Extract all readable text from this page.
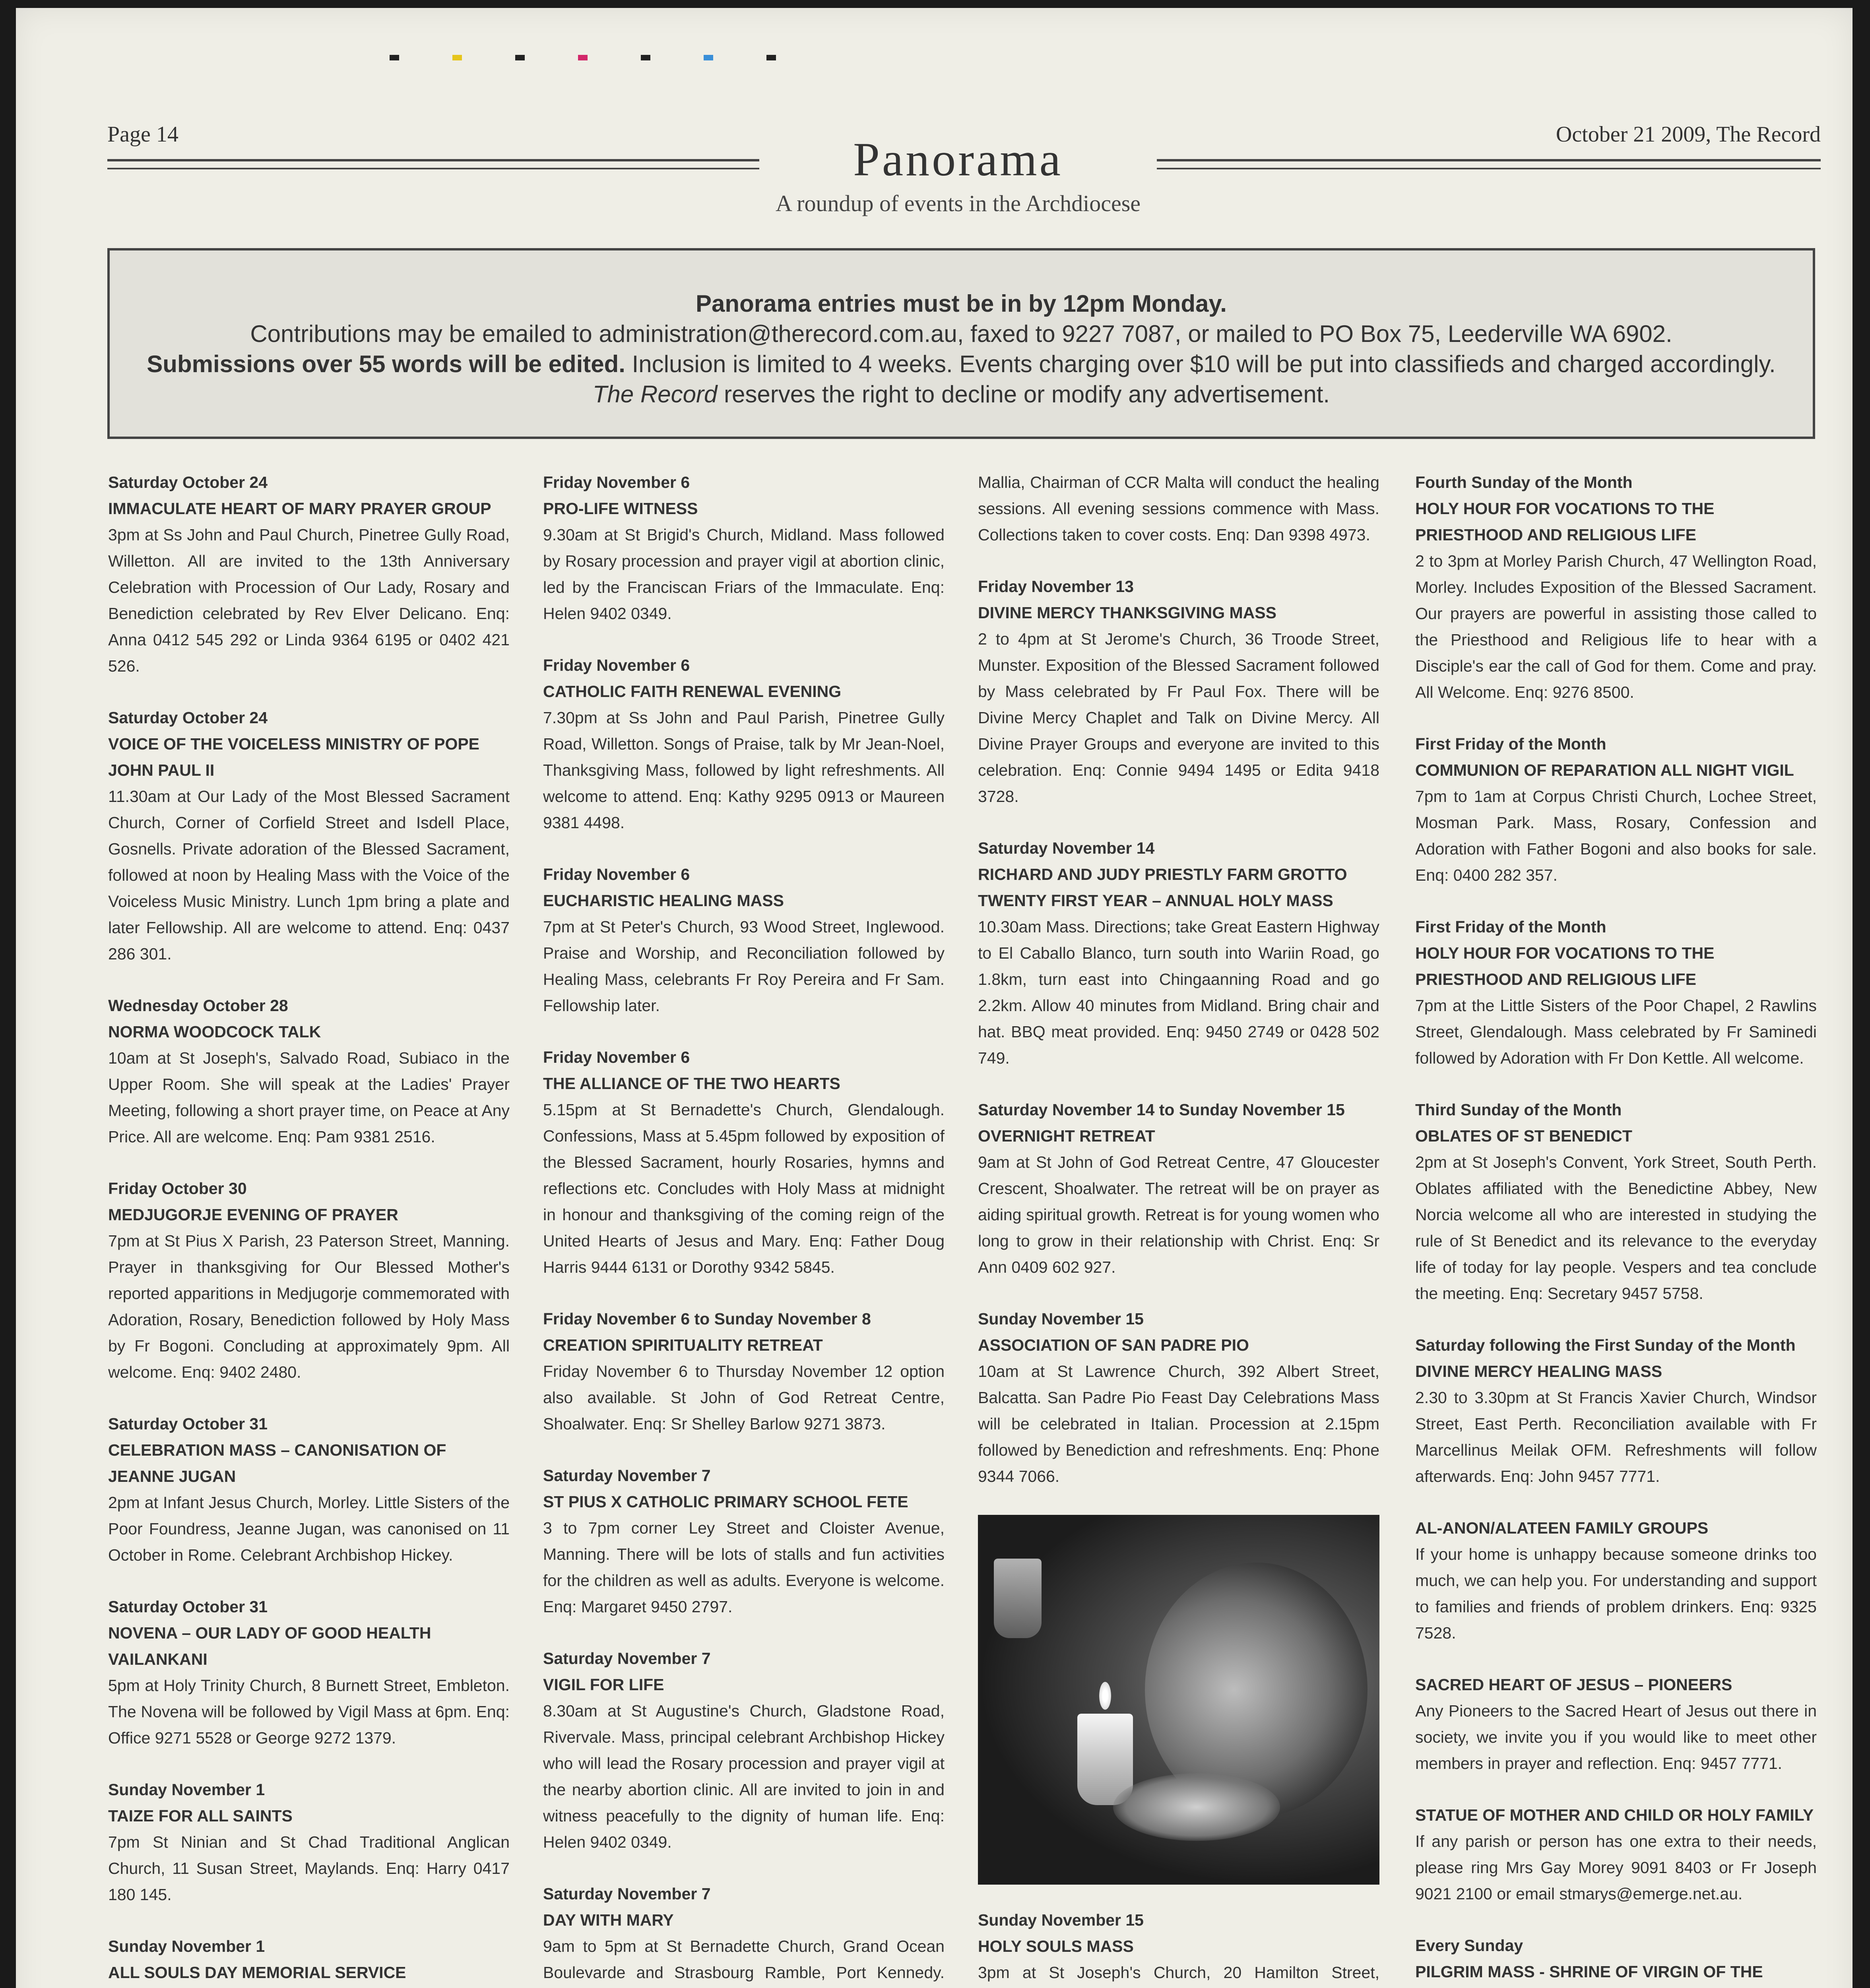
Page 14	October 21 2009, The Record
Panorama
A roundup of events in the Archdiocese

Panorama entries must be in by 12pm Monday.

Contributions may be emailed to administration@therecord.com.au, faxed to 9227 7087, or mailed to PO Box 75, Leederville WA 6902.

Submissions over 55 words will be edited. Inclusion is limited to 4 weeks. Events charging over $10 will be put into classifieds and charged accordingly.

The Record reserves the right to decline or modify any advertisement.

Saturday October 24
IMMACULATE HEART OF MARY PRAYER GROUP
3pm at Ss John and Paul Church, Pinetree Gully Road, Willetton. All are invited to the 13th Anniversary Celebration with Procession of Our Lady, Rosary and Benediction celebrated by Rev Elver Delicano. Enq: Anna 0412 545 292 or Linda 9364 6195 or 0402 421 526.
Saturday October 24
VOICE OF THE VOICELESS MINISTRY OF POPE JOHN PAUL II
11.30am at Our Lady of the Most Blessed Sacrament Church, Corner of Corfield Street and Isdell Place, Gosnells. Private adoration of the Blessed Sacrament, followed at noon by Healing Mass with the Voice of the Voiceless Music Ministry. Lunch 1pm bring a plate and later Fellowship. All are welcome to attend. Enq: 0437 286 301.
Wednesday October 28
NORMA WOODCOCK TALK
10am at St Joseph's, Salvado Road, Subiaco in the Upper Room. She will speak at the Ladies' Prayer Meeting, following a short prayer time, on Peace at Any Price. All are welcome. Enq: Pam 9381 2516.
Friday October 30
MEDJUGORJE EVENING OF PRAYER
7pm at St Pius X Parish, 23 Paterson Street, Manning. Prayer in thanksgiving for Our Blessed Mother's reported apparitions in Medjugorje commemorated with Adoration, Rosary, Benediction followed by Holy Mass by Fr Bogoni. Concluding at approximately 9pm. All welcome. Enq: 9402 2480.
Saturday October 31
CELEBRATION MASS – CANONISATION OF JEANNE JUGAN
2pm at Infant Jesus Church, Morley. Little Sisters of the Poor Foundress, Jeanne Jugan, was canonised on 11 October in Rome. Celebrant Archbishop Hickey.
Saturday October 31
NOVENA – OUR LADY OF GOOD HEALTH VAILANKANI
5pm at Holy Trinity Church, 8 Burnett Street, Embleton. The Novena will be followed by Vigil Mass at 6pm. Enq: Office 9271 5528 or George 9272 1379.
Sunday November 1
TAIZE FOR ALL SAINTS
7pm St Ninian and St Chad Traditional Anglican Church, 11 Susan Street, Maylands. Enq: Harry 0417 180 145.
Sunday November 1
ALL SOULS DAY MEMORIAL SERVICE
Friday November 6
PRO-LIFE WITNESS
9.30am at St Brigid's Church, Midland. Mass followed by Rosary procession and prayer vigil at abortion clinic, led by the Franciscan Friars of the Immaculate. Enq: Helen 9402 0349.
Friday November 6
CATHOLIC FAITH RENEWAL EVENING
7.30pm at Ss John and Paul Parish, Pinetree Gully Road, Willetton. Songs of Praise, talk by Mr Jean-Noel, Thanksgiving Mass, followed by light refreshments. All welcome to attend. Enq: Kathy 9295 0913 or Maureen 9381 4498.
Friday November 6
EUCHARISTIC HEALING MASS
7pm at St Peter's Church, 93 Wood Street, Inglewood. Praise and Worship, and Reconciliation followed by Healing Mass, celebrants Fr Roy Pereira and Fr Sam. Fellowship later.
Friday November 6
THE ALLIANCE OF THE TWO HEARTS
5.15pm at St Bernadette's Church, Glendalough. Confessions, Mass at 5.45pm followed by exposition of the Blessed Sacrament, hourly Rosaries, hymns and reflections etc. Concludes with Holy Mass at midnight in honour and thanksgiving of the coming reign of the United Hearts of Jesus and Mary. Enq: Father Doug Harris 9444 6131 or Dorothy 9342 5845.
Friday November 6 to Sunday November 8
CREATION SPIRITUALITY RETREAT
Friday November 6 to Thursday November 12 option also available. St John of God Retreat Centre, Shoalwater. Enq: Sr Shelley Barlow 9271 3873.
Saturday November 7
ST PIUS X CATHOLIC PRIMARY SCHOOL FETE
3 to 7pm corner Ley Street and Cloister Avenue, Manning. There will be lots of stalls and fun activities for the children as well as adults. Everyone is welcome. Enq: Margaret 9450 2797.
Saturday November 7
VIGIL FOR LIFE
8.30am at St Augustine's Church, Gladstone Road, Rivervale. Mass, principal celebrant Archbishop Hickey who will lead the Rosary procession and prayer vigil at the nearby abortion clinic. All are invited to join in and witness peacefully to the dignity of human life. Enq: Helen 9402 0349.
Saturday November 7
DAY WITH MARY
9am to 5pm at St Bernadette Church, Grand Ocean Boulevarde and Strasbourg Ramble, Port Kennedy.
Mallia, Chairman of CCR Malta will conduct the healing sessions. All evening sessions commence with Mass. Collections taken to cover costs. Enq: Dan 9398 4973.
Friday November 13
DIVINE MERCY THANKSGIVING MASS
2 to 4pm at St Jerome's Church, 36 Troode Street, Munster. Exposition of the Blessed Sacrament followed by Mass celebrated by Fr Paul Fox. There will be Divine Mercy Chaplet and Talk on Divine Mercy. All Divine Prayer Groups and everyone are invited to this celebration. Enq: Connie 9494 1495 or Edita 9418 3728.
Saturday November 14
RICHARD AND JUDY PRIESTLY FARM GROTTO TWENTY FIRST YEAR – ANNUAL HOLY MASS
10.30am Mass. Directions; take Great Eastern Highway to El Caballo Blanco, turn south into Wariin Road, go 1.8km, turn east into Chingaanning Road and go 2.2km. Allow 40 minutes from Midland. Bring chair and hat. BBQ meat provided. Enq: 9450 2749 or 0428 502 749.
Saturday November 14 to Sunday November 15
OVERNIGHT RETREAT
9am at St John of God Retreat Centre, 47 Gloucester Crescent, Shoalwater. The retreat will be on prayer as aiding spiritual growth. Retreat is for young women who long to grow in their relationship with Christ. Enq: Sr Ann 0409 602 927.
Sunday November 15
ASSOCIATION OF SAN PADRE PIO
10am at St Lawrence Church, 392 Albert Street, Balcatta. San Padre Pio Feast Day Celebrations Mass will be celebrated in Italian. Procession at 2.15pm followed by Benediction and refreshments. Enq: Phone 9344 7066.
Sunday November 15
HOLY SOULS MASS
3pm at St Joseph's Church, 20 Hamilton Street,
Fourth Sunday of the Month
HOLY HOUR FOR VOCATIONS TO THE PRIESTHOOD AND RELIGIOUS LIFE
2 to 3pm at Morley Parish Church, 47 Wellington Road, Morley. Includes Exposition of the Blessed Sacrament. Our prayers are powerful in assisting those called to the Priesthood and Religious life to hear with a Disciple's ear the call of God for them. Come and pray. All Welcome. Enq: 9276 8500.
First Friday of the Month
COMMUNION OF REPARATION ALL NIGHT VIGIL
7pm to 1am at Corpus Christi Church, Lochee Street, Mosman Park. Mass, Rosary, Confession and Adoration with Father Bogoni and also books for sale. Enq: 0400 282 357.
First Friday of the Month
HOLY HOUR FOR VOCATIONS TO THE PRIESTHOOD AND RELIGIOUS LIFE
7pm at the Little Sisters of the Poor Chapel, 2 Rawlins Street, Glendalough. Mass celebrated by Fr Saminedi followed by Adoration with Fr Don Kettle. All welcome.
Third Sunday of the Month
OBLATES OF ST BENEDICT
2pm at St Joseph's Convent, York Street, South Perth. Oblates affiliated with the Benedictine Abbey, New Norcia welcome all who are interested in studying the rule of St Benedict and its relevance to the everyday life of today for lay people. Vespers and tea conclude the meeting. Enq: Secretary 9457 5758.
Saturday following the First Sunday of the Month
DIVINE MERCY HEALING MASS
2.30 to 3.30pm at St Francis Xavier Church, Windsor Street, East Perth. Reconciliation available with Fr Marcellinus Meilak OFM. Refreshments will follow afterwards. Enq: John 9457 7771.
AL-ANON/ALATEEN FAMILY GROUPS
If your home is unhappy because someone drinks too much, we can help you. For understanding and support to families and friends of problem drinkers. Enq: 9325 7528.
SACRED HEART OF JESUS – PIONEERS
Any Pioneers to the Sacred Heart of Jesus out there in society, we invite you if you would like to meet other members in prayer and reflection. Enq: 9457 7771.
STATUE OF MOTHER AND CHILD OR HOLY FAMILY
If any parish or person has one extra to their needs, please ring Mrs Gay Morey 9091 8403 or Fr Joseph 9021 2100 or email stmarys@emerge.net.au.
Every Sunday
PILGRIM MASS - SHRINE OF VIRGIN OF THE
